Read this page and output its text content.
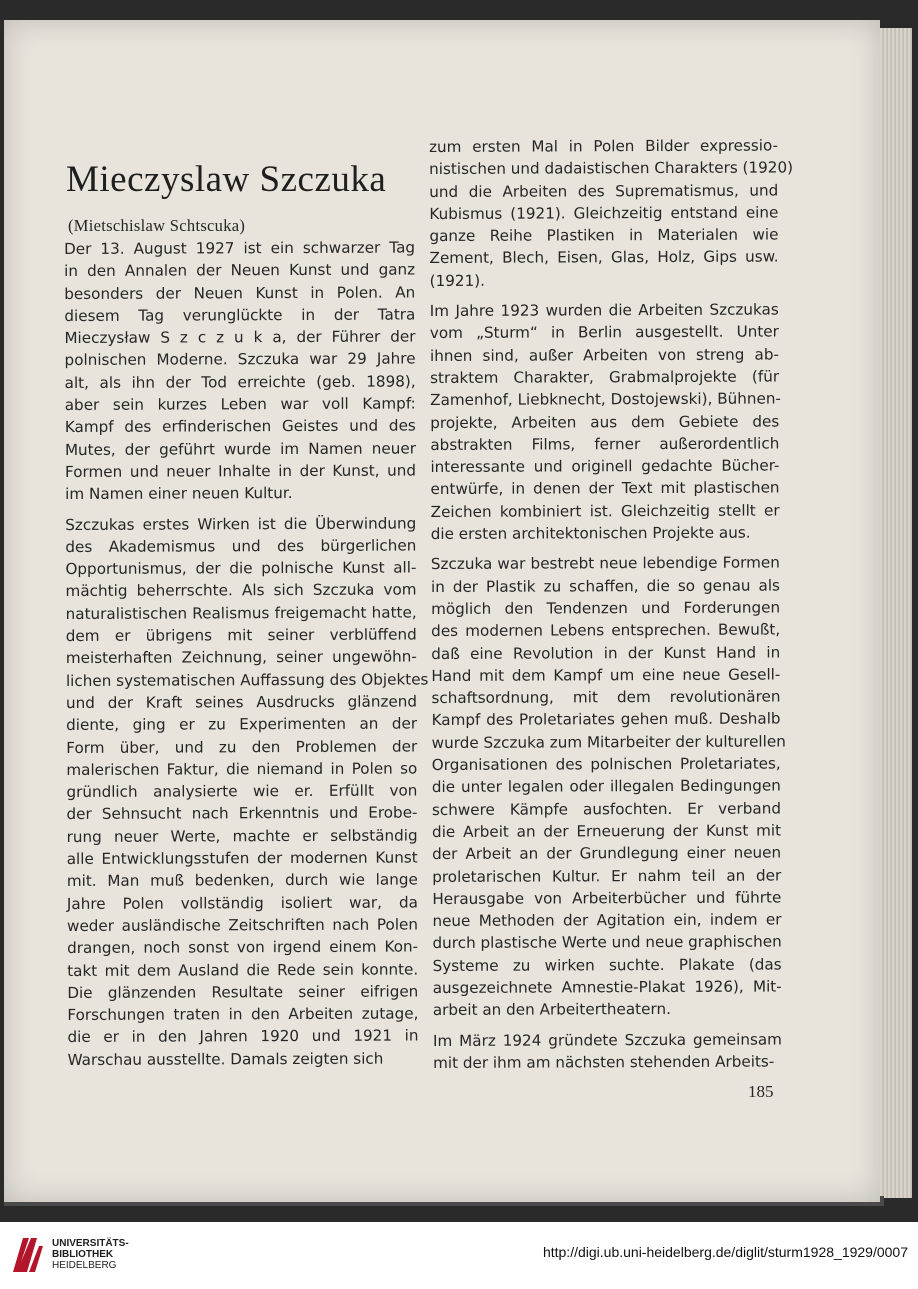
Mieczyslaw Szczuka
(Mietschislaw Schtscuka)
185

Der 13. August 1927 ist ein schwarzer Tag
in den Annalen der Neuen Kunst und ganz
besonders der Neuen Kunst in Polen. An
diesem Tag verunglückte in der Tatra
Mieczysław S z c z u k a, der Führer der
polnischen Moderne. Szczuka war 29 Jahre
alt, als ihn der Tod erreichte (geb. 1898),
aber sein kurzes Leben war voll Kampf:
Kampf des erfinderischen Geistes und des
Mutes, der geführt wurde im Namen neuer
Formen und neuer Inhalte in der Kunst, und
im Namen einer neuen Kultur.

Szczukas erstes Wirken ist die Überwindung
des Akademismus und des bürgerlichen
Opportunismus, der die polnische Kunst all-
mächtig beherrschte. Als sich Szczuka vom
naturalistischen Realismus freigemacht hatte,
dem er übrigens mit seiner verblüffend
meisterhaften Zeichnung, seiner ungewöhn-
lichen systematischen Auffassung des Objektes
und der Kraft seines Ausdrucks glänzend
diente, ging er zu Experimenten an der
Form über, und zu den Problemen der
malerischen Faktur, die niemand in Polen so
gründlich analysierte wie er. Erfüllt von
der Sehnsucht nach Erkenntnis und Erobe-
rung neuer Werte, machte er selbständig
alle Entwicklungsstufen der modernen Kunst
mit. Man muß bedenken, durch wie lange
Jahre Polen vollständig isoliert war, da
weder ausländische Zeitschriften nach Polen
drangen, noch sonst von irgend einem Kon-
takt mit dem Ausland die Rede sein konnte.
Die glänzenden Resultate seiner eifrigen
Forschungen traten in den Arbeiten zutage,
die er in den Jahren 1920 und 1921 in
Warschau ausstellte. Damals zeigten sich

zum ersten Mal in Polen Bilder expressio-
nistischen und dadaistischen Charakters (1920)
und die Arbeiten des Suprematismus, und
Kubismus (1921). Gleichzeitig entstand eine
ganze Reihe Plastiken in Materialen wie
Zement, Blech, Eisen, Glas, Holz, Gips usw.
(1921).

Im Jahre 1923 wurden die Arbeiten Szczukas
vom „Sturm“ in Berlin ausgestellt. Unter
ihnen sind, außer Arbeiten von streng ab-
straktem Charakter, Grabmalprojekte (für
Zamenhof, Liebknecht, Dostojewski), Bühnen-
projekte, Arbeiten aus dem Gebiete des
abstrakten Films, ferner außerordentlich
interessante und originell gedachte Bücher-
entwürfe, in denen der Text mit plastischen
Zeichen kombiniert ist. Gleichzeitig stellt er
die ersten architektonischen Projekte aus.

Szczuka war bestrebt neue lebendige Formen
in der Plastik zu schaffen, die so genau als
möglich den Tendenzen und Forderungen
des modernen Lebens entsprechen. Bewußt,
daß eine Revolution in der Kunst Hand in
Hand mit dem Kampf um eine neue Gesell-
schaftsordnung, mit dem revolutionären
Kampf des Proletariates gehen muß. Deshalb
wurde Szczuka zum Mitarbeiter der kulturellen
Organisationen des polnischen Proletariates,
die unter legalen oder illegalen Bedingungen
schwere Kämpfe ausfochten. Er verband
die Arbeit an der Erneuerung der Kunst mit
der Arbeit an der Grundlegung einer neuen
proletarischen Kultur. Er nahm teil an der
Herausgabe von Arbeiterbücher und führte
neue Methoden der Agitation ein, indem er
durch plastische Werte und neue graphischen
Systeme zu wirken suchte. Plakate (das
ausgezeichnete Amnestie-Plakat 1926), Mit-
arbeit an den Arbeitertheatern.

Im März 1924 gründete Szczuka gemeinsam
mit der ihm am nächsten stehenden Arbeits-

UNIVERSITÄTS-
BIBLIOTHEK
HEIDELBERG
http://digi.ub.uni-heidelberg.de/diglit/sturm1928_1929/0007
